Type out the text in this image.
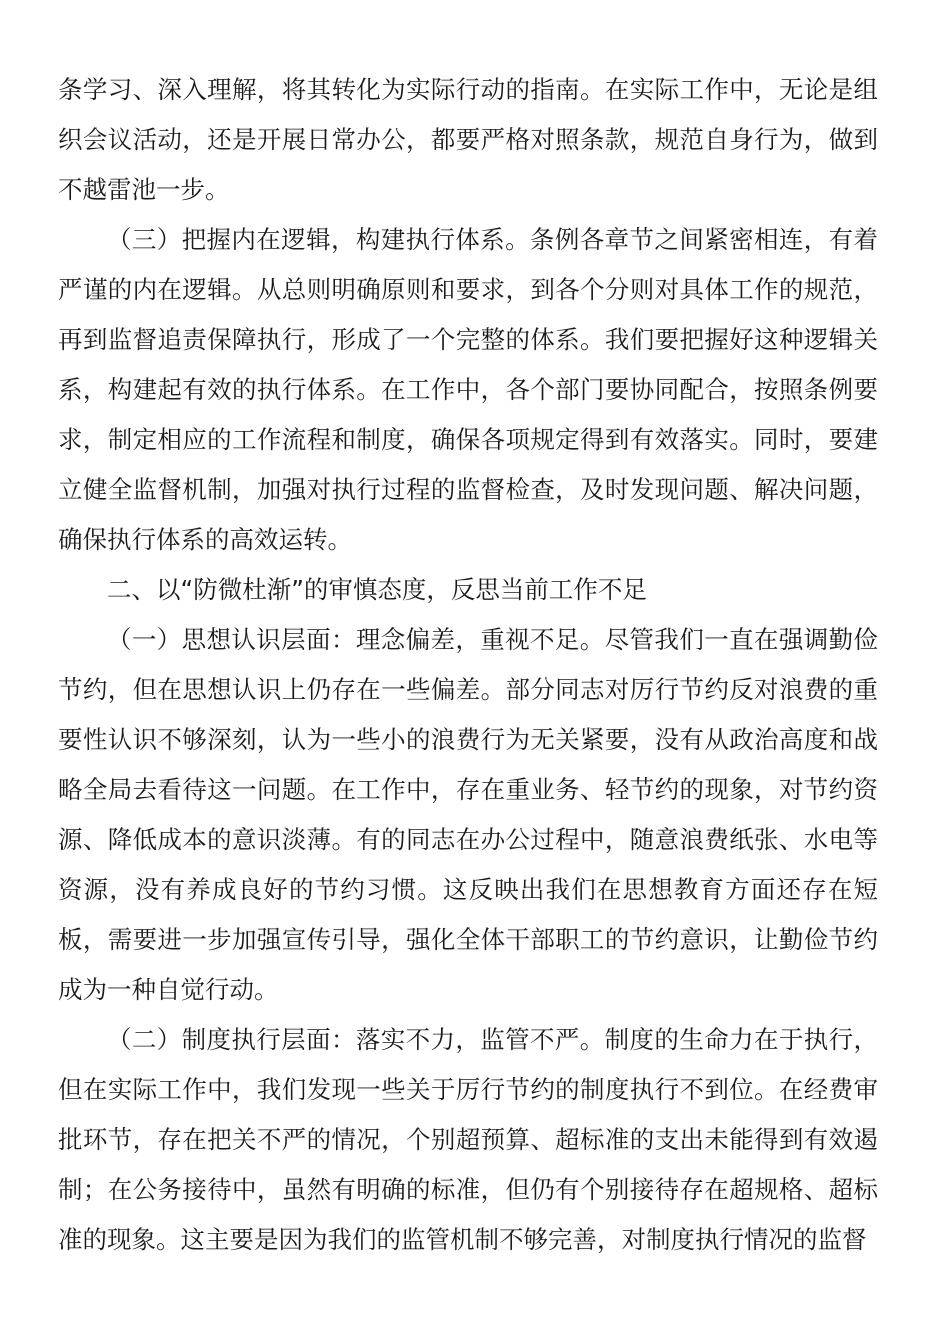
条学习、深入理解，将其转化为实际行动的指南。在实际工作中，无论是组织会议活动，还是开展日常办公，都要严格对照条款，规范自身行为，做到不越雷池一步。

（三）把握内在逻辑，构建执行体系。条例各章节之间紧密相连，有着严谨的内在逻辑。从总则明确原则和要求，到各个分则对具体工作的规范，再到监督追责保障执行，形成了一个完整的体系。我们要把握好这种逻辑关系，构建起有效的执行体系。在工作中，各个部门要协同配合，按照条例要求，制定相应的工作流程和制度，确保各项规定得到有效落实。同时，要建立健全监督机制，加强对执行过程的监督检查，及时发现问题、解决问题，确保执行体系的高效运转。

二、以“防微杜渐”的审慎态度，反思当前工作不足

（一）思想认识层面：理念偏差，重视不足。尽管我们一直在强调勤俭节约，但在思想认识上仍存在一些偏差。部分同志对厉行节约反对浪费的重要性认识不够深刻，认为一些小的浪费行为无关紧要，没有从政治高度和战略全局去看待这一问题。在工作中，存在重业务、轻节约的现象，对节约资源、降低成本的意识淡薄。有的同志在办公过程中，随意浪费纸张、水电等资源，没有养成良好的节约习惯。这反映出我们在思想教育方面还存在短板，需要进一步加强宣传引导，强化全体干部职工的节约意识，让勤俭节约成为一种自觉行动。

（二）制度执行层面：落实不力，监管不严。制度的生命力在于执行，但在实际工作中，我们发现一些关于厉行节约的制度执行不到位。在经费审批环节，存在把关不严的情况，个别超预算、超标准的支出未能得到有效遏制；在公务接待中，虽然有明确的标准，但仍有个别接待存在超规格、超标准的现象。这主要是因为我们的监管机制不够完善，对制度执行情况的监督
